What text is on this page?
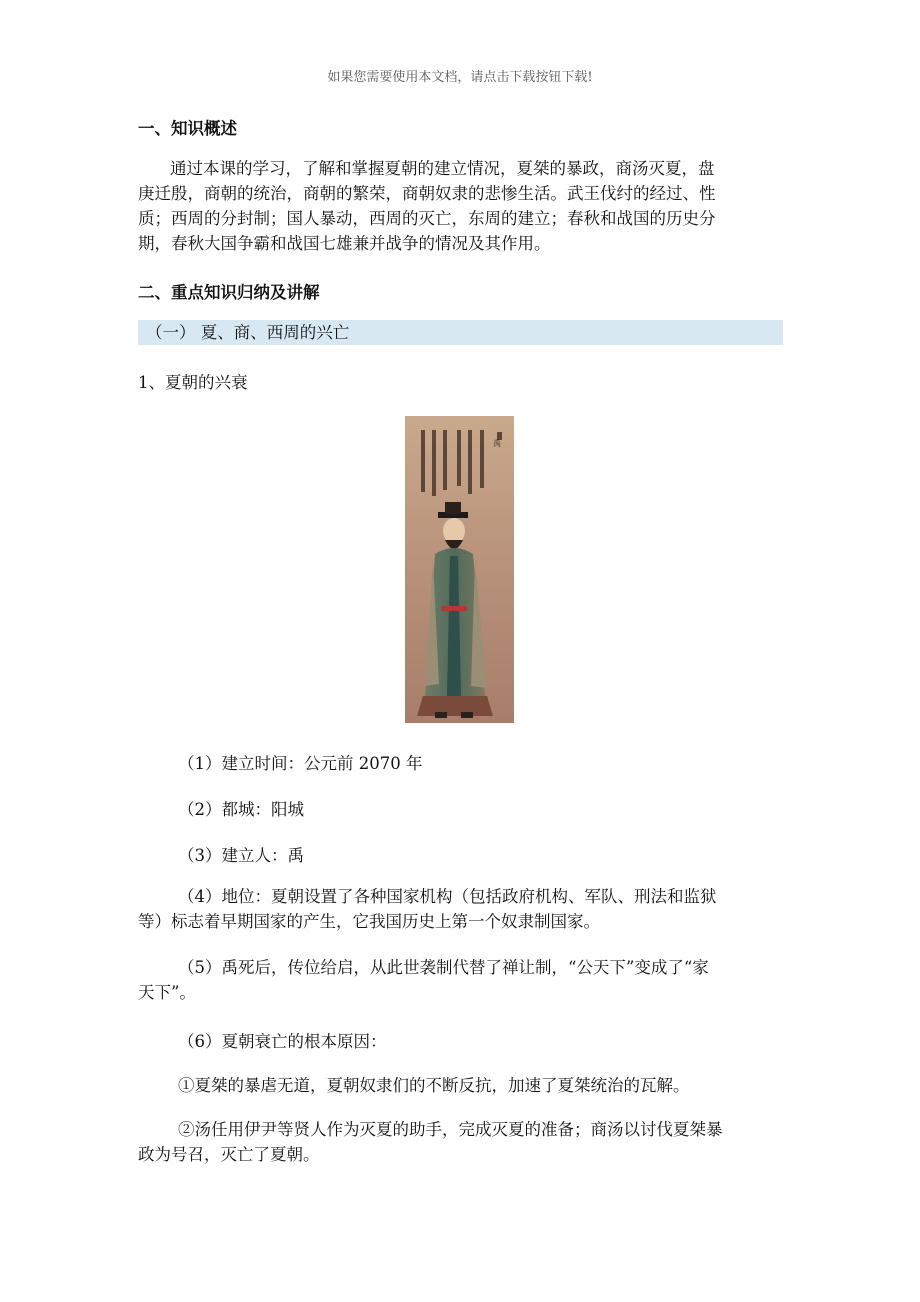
如果您需要使用本文档，请点击下载按钮下载!
一、知识概述
通过本课的学习，了解和掌握夏朝的建立情况，夏桀的暴政，商汤灭夏，盘
庚迁殷，商朝的统治，商朝的繁荣，商朝奴隶的悲惨生活。武王伐纣的经过、性
质；西周的分封制；国人暴动，西周的灭亡，东周的建立；春秋和战国的历史分
期，春秋大国争霸和战国七雄兼并战争的情况及其作用。
二、重点知识归纳及讲解
（一） 夏、商、西周的兴亡
1、夏朝的兴衰
禹
（1）建立时间：公元前 2070 年
（2）都城：阳城
（3）建立人：禹
（4）地位：夏朝设置了各种国家机构（包括政府机构、军队、刑法和监狱
等）标志着早期国家的产生，它我国历史上第一个奴隶制国家。
（5）禹死后，传位给启，从此世袭制代替了禅让制，“公天下”变成了“家
天下”。
（6）夏朝衰亡的根本原因：
①夏桀的暴虐无道，夏朝奴隶们的不断反抗，加速了夏桀统治的瓦解。
②汤任用伊尹等贤人作为灭夏的助手，完成灭夏的准备；商汤以讨伐夏桀暴
政为号召，灭亡了夏朝。
